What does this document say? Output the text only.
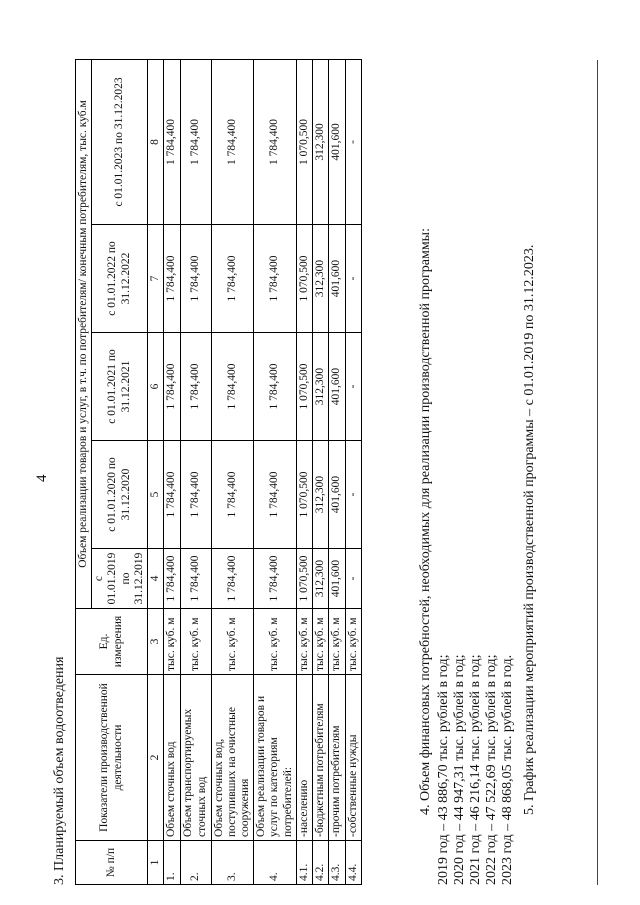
4
3. Планируемый объем водоотведения	№ п/п	Показатели производственной деятельности	Ед. измерения	Объем реализации товаров и услуг, в т.ч. по потребителям/ конечным потребителям, тыс. куб.м				
			с 01.01.2019 по 31.12.2019	с 01.01.2020 по 31.12.2020	с 01.01.2021 по 31.12.2021	с 01.01.2022 по 31.12.2022	с 01.01.2023 по 31.12.2023
1	2	3	4	5	6	7	8
1.	Объем сточных вод	тыс. куб. м	1 784,400	1 784,400	1 784,400	1 784,400	1 784,400
2.	Объем транспортируемых сточных вод	тыс. куб. м	1 784,400	1 784,400	1 784,400	1 784,400	1 784,400
3.	Объем сточных вод, поступивших на очистные сооружения	тыс. куб. м	1 784,400	1 784,400	1 784,400	1 784,400	1 784,400
4.	Объем реализации товаров и услуг по категориям потребителей:	тыс. куб. м	1 784,400	1 784,400	1 784,400	1 784,400	1 784,400
4.1.	-населению	тыс. куб. м	1 070,500	1 070,500	1 070,500	1 070,500	1 070,500
4.2.	-бюджетным потребителям	тыс. куб. м	312,300	312,300	312,300	312,300	312,300
4.3.	-прочим потребителям	тыс. куб. м	401,600	401,600	401,600	401,600	401,600
4.4.	-собственные нужды	тыс. куб. м	-	-	-	-	-
4. Объем финансовых потребностей, необходимых для реализации производственной программы: 2019 год – 43 886,70 тыс. рублей в год; 2020 год – 44 947,31 тыс. рублей в год; 2021 год – 46 216,14 тыс. рублей в год; 2022 год – 47 522,69 тыс. рублей в год; 2023 год – 48 868,05 тыс. рублей в год. 5. График реализации мероприятий производственной программы – с 01.01.2019 по 31.12.2023.
